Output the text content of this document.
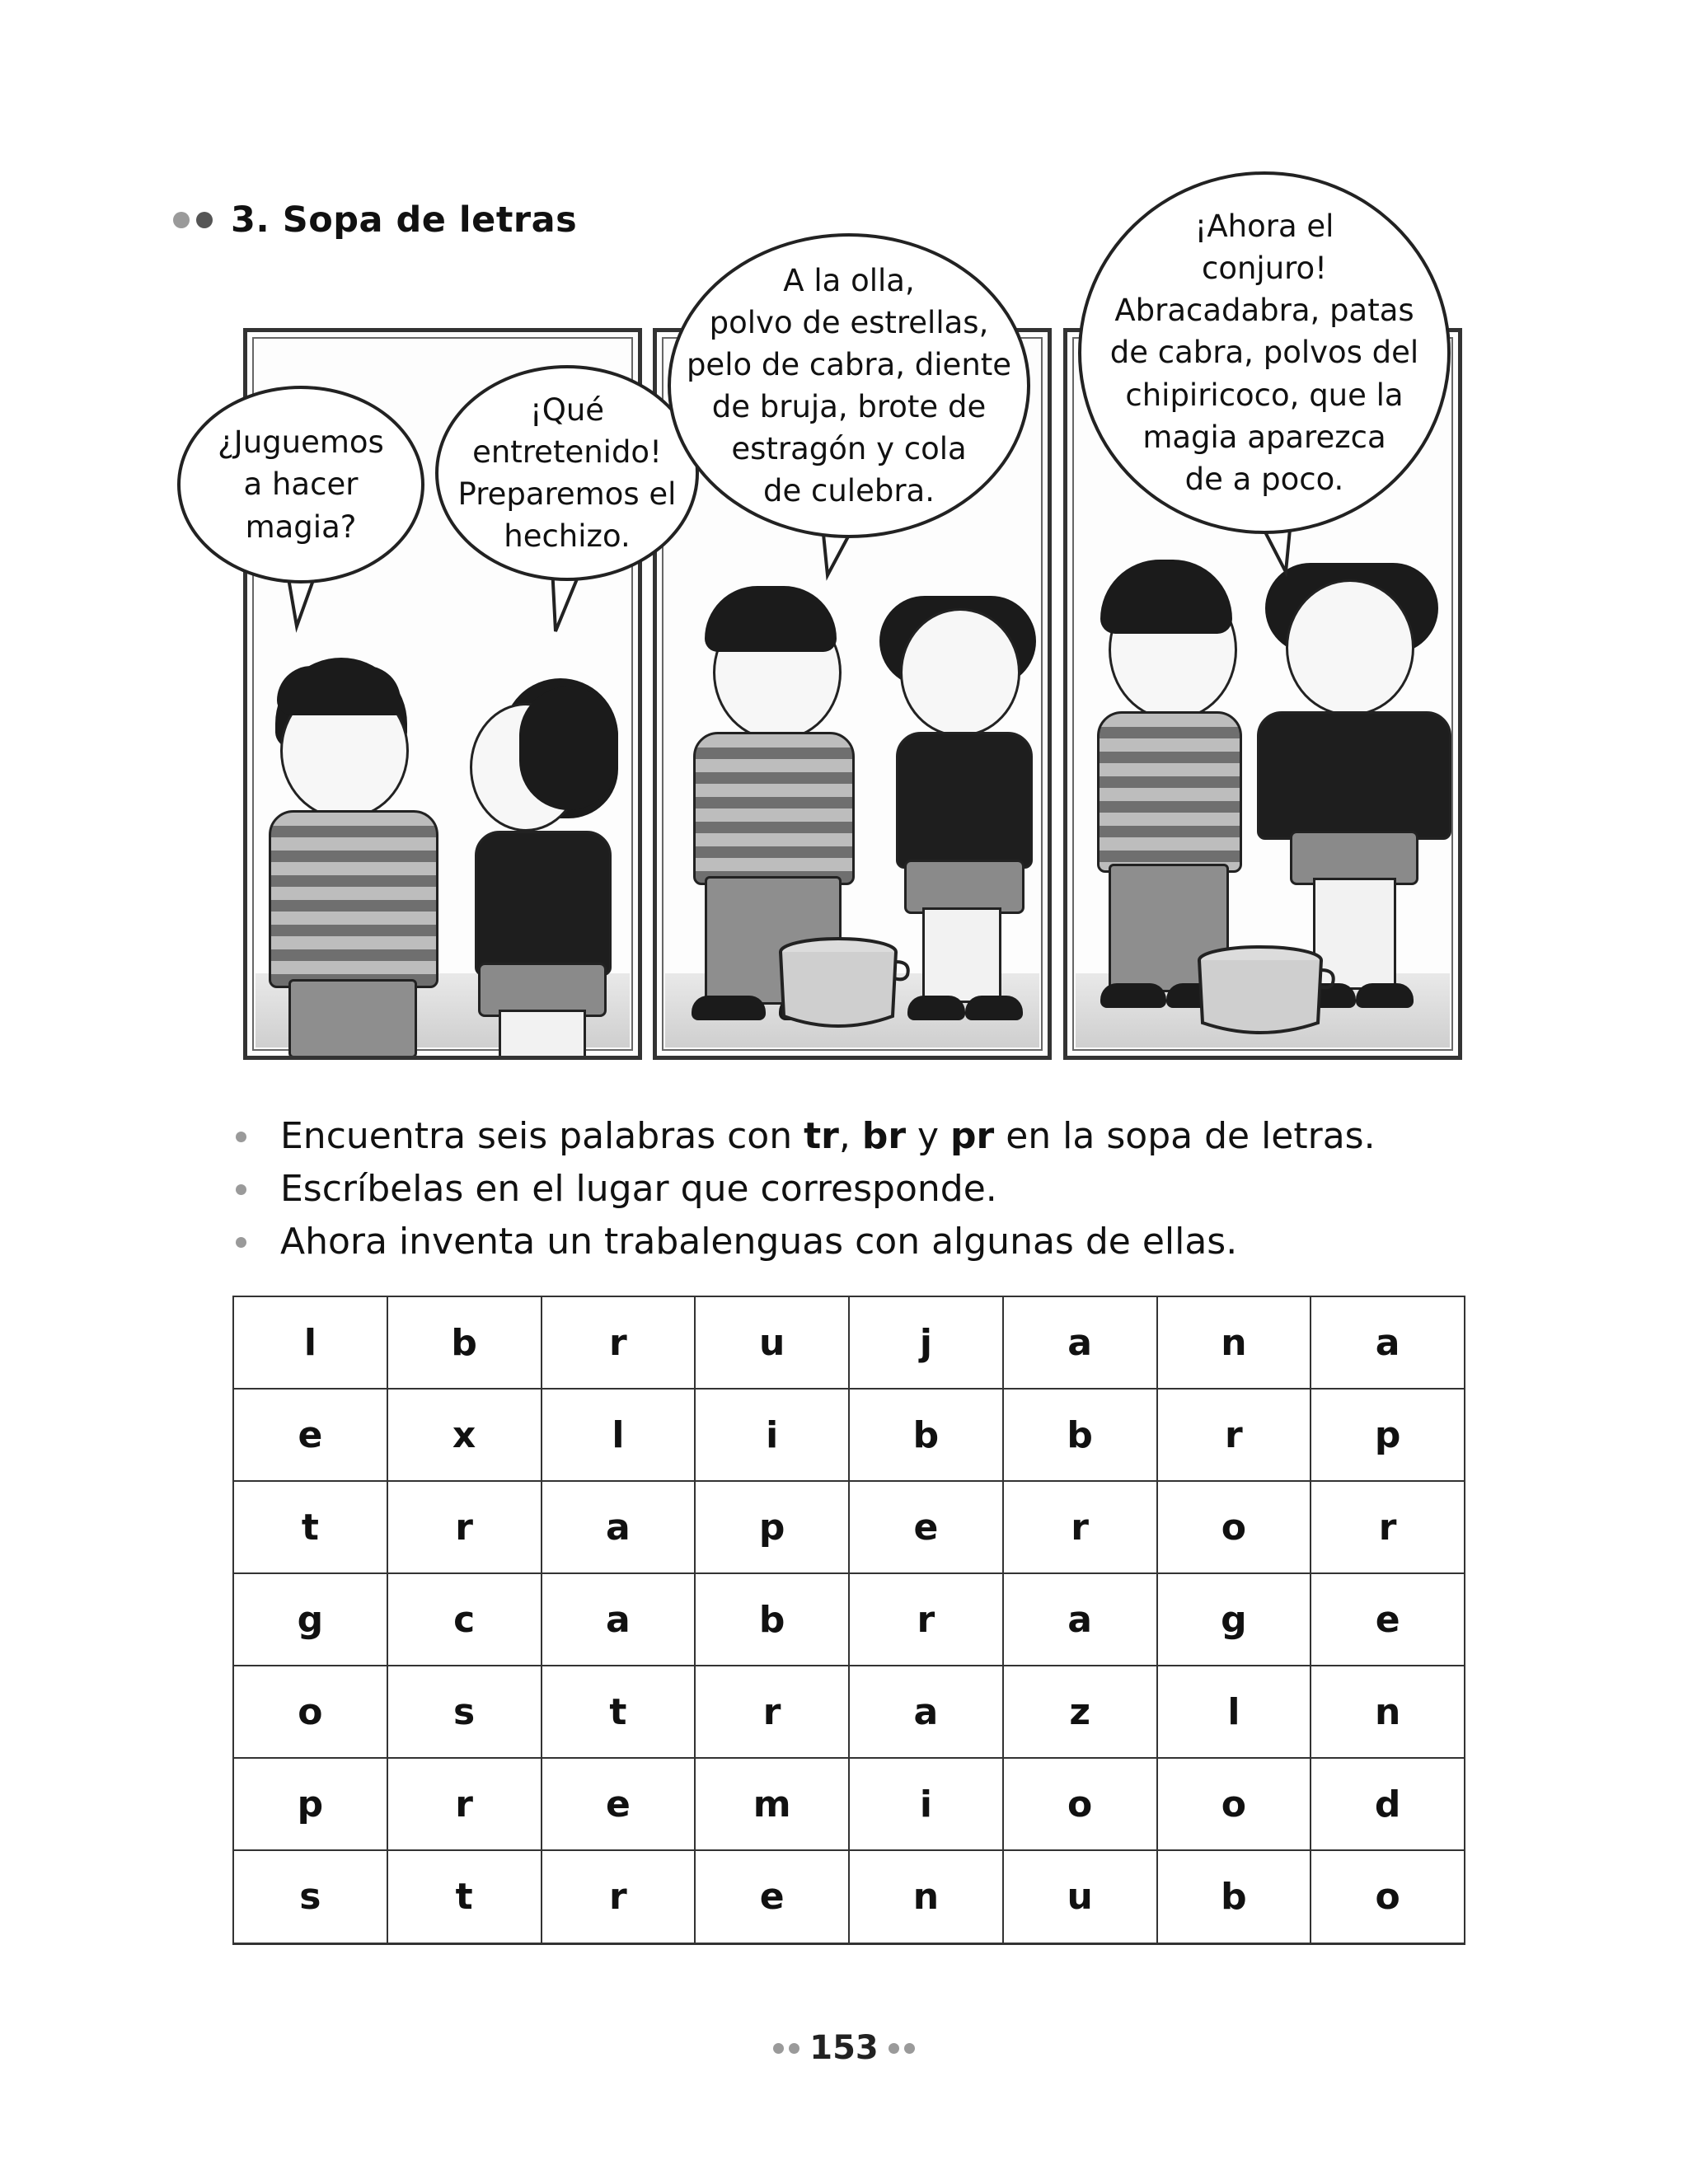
3. Sopa de letras
¿Juguemos
a hacer
magia?
¡Qué
entretenido!
Preparemos el
hechizo.
A la olla,
polvo de estrellas,
pelo de cabra, diente
de bruja, brote de
estragón y cola
de culebra.
¡Ahora el
conjuro!
Abracadabra, patas
de cabra, polvos del
chipiricoco, que la
magia aparezca
de a poco.
Encuentra seis palabras con tr, br y pr en la sopa de letras.
Escríbelas en el lugar que corresponde.
Ahora inventa un trabalenguas con algunas de ellas.
l	b	r	u	j	a	n	a
e	x	l	i	b	b	r	p
t	r	a	p	e	r	o	r
g	c	a	b	r	a	g	e
o	s	t	r	a	z	l	n
p	r	e	m	i	o	o	d
s	t	r	e	n	u	b	o
153
